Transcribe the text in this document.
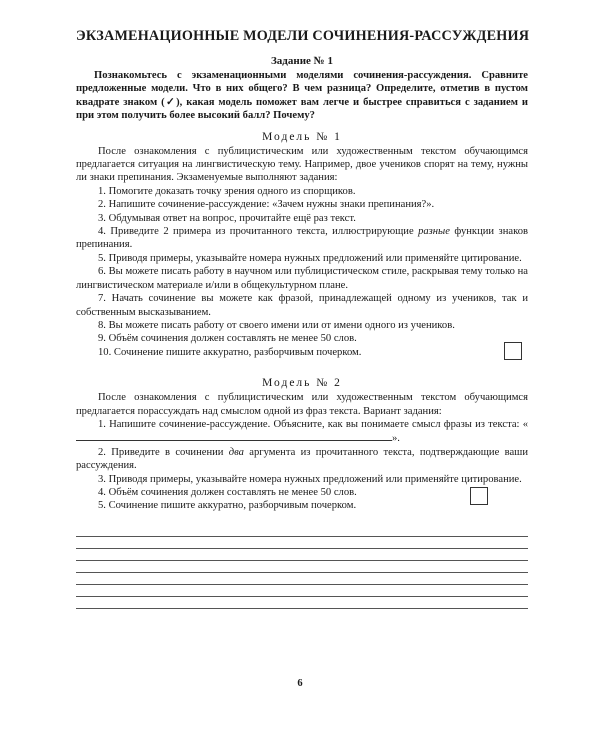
ЭКЗАМЕНАЦИОННЫЕ МОДЕЛИ СОЧИНЕНИЯ-РАССУЖДЕНИЯ
Задание № 1

Познакомьтесь с экзаменационными моделями сочинения-рассуждения. Сравните предложенные модели. Что в них общего? В чем разница? Определите, отметив в пустом квадрате знаком (✓), какая модель поможет вам легче и быстрее справиться с заданием и при этом получить более высокий балл? Почему?

Модель № 1

После ознакомления с публицистическим или художественным текстом обучающимся предлагается ситуация на лингвистическую тему. Например, двое учеников спорят на тему, нужны ли знаки препинания. Экзаменуемые выполняют задания:

1. Помогите доказать точку зрения одного из спорщиков.

2. Напишите сочинение-рассуждение: «Зачем нужны знаки препинания?».

3. Обдумывая ответ на вопрос, прочитайте ещё раз текст.

4. Приведите 2 примера из прочитанного текста, иллюстрирующие разные функции знаков препинания.

5. Приводя примеры, указывайте номера нужных предложений или применяйте цитирование.

6. Вы можете писать работу в научном или публицистическом стиле, раскрывая тему только на лингвистическом материале и/или в общекультурном плане.

7. Начать сочинение вы можете как фразой, принадлежащей одному из учеников, так и собственным высказыванием.

8. Вы можете писать работу от своего имени или от имени одного из учеников.

9. Объём сочинения должен составлять не менее 50 слов.

10. Сочинение пишите аккуратно, разборчивым почерком.

Модель № 2

После ознакомления с публицистическим или художественным текстом обучающимся предлагается порассуждать над смыслом одной из фраз текста. Вариант задания:

1. Напишите сочинение-рассуждение. Объясните, как вы понимаете смысл фразы из текста: «».

2. Приведите в сочинении два аргумента из прочитанного текста, подтверждающие ваши рассуждения.

3. Приводя примеры, указывайте номера нужных предложений или применяйте цитирование.

4. Объём сочинения должен составлять не менее 50 слов.

5. Сочинение пишите аккуратно, разборчивым почерком.

6
